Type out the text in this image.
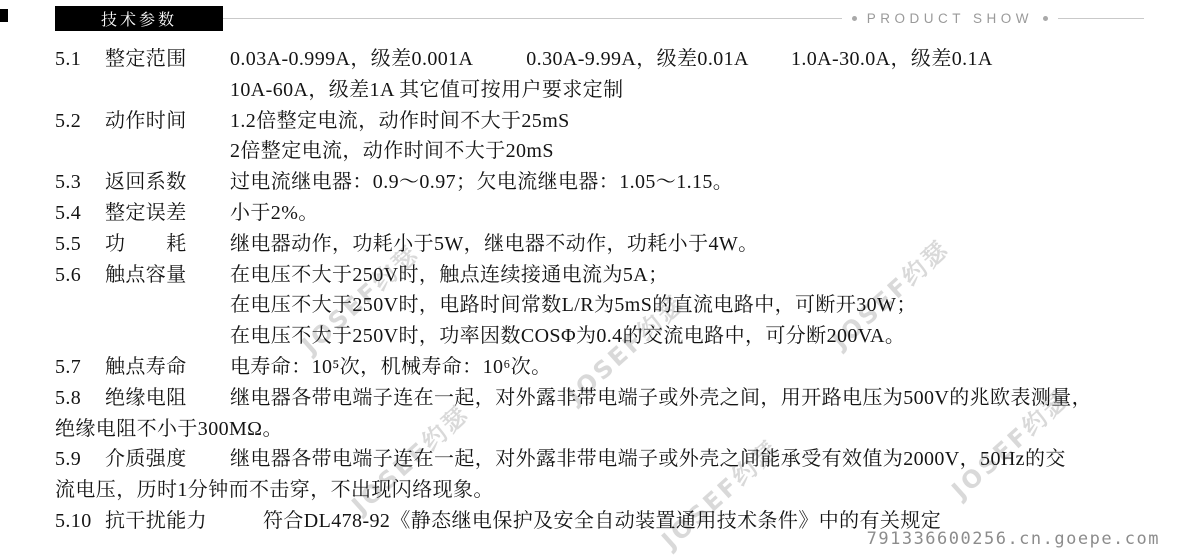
技术参数	PRODUCT SHOW
JOSEF约瑟	JOSEF约瑟	JOSEF约瑟
JOSEF约瑟	JOSEF约瑟	JOSEF约瑟
5.1 整定范围 0.03A-0.999A，级差0.001A          0.30A-9.99A，级差0.01A        1.0A-30.0A，级差0.1A
10A-60A，级差1A 其它值可按用户要求定制
5.2 动作时间 1.2倍整定电流，动作时间不大于25mS
2倍整定电流，动作时间不大于20mS
5.3 返回系数 过电流继电器：0.9～0.97；欠电流继电器：1.05～1.15。
5.4 整定误差 小于2%。
5.5 功　　耗 继电器动作，功耗小于5W，继电器不动作，功耗小于4W。
5.6 触点容量 在电压不大于250V时，触点连续接通电流为5A；
在电压不大于250V时，电路时间常数L/R为5mS的直流电路中，可断开30W；
在电压不大于250V时，功率因数COSΦ为0.4的交流电路中，可分断200VA。
5.7 触点寿命 电寿命：10⁵次，机械寿命：10⁶次。
5.8 绝缘电阻 继电器各带电端子连在一起，对外露非带电端子或外壳之间，用开路电压为500V的兆欧表测量，
绝缘电阻不小于300MΩ。
5.9 介质强度 继电器各带电端子连在一起，对外露非带电端子或外壳之间能承受有效值为2000V，50Hz的交
流电压，历时1分钟而不击穿，不出现闪络现象。
5.10 抗干扰能力	符合DL478-92《静态继电保护及安全自动装置通用技术条件》中的有关规定
791336600256.cn.goepe.com
